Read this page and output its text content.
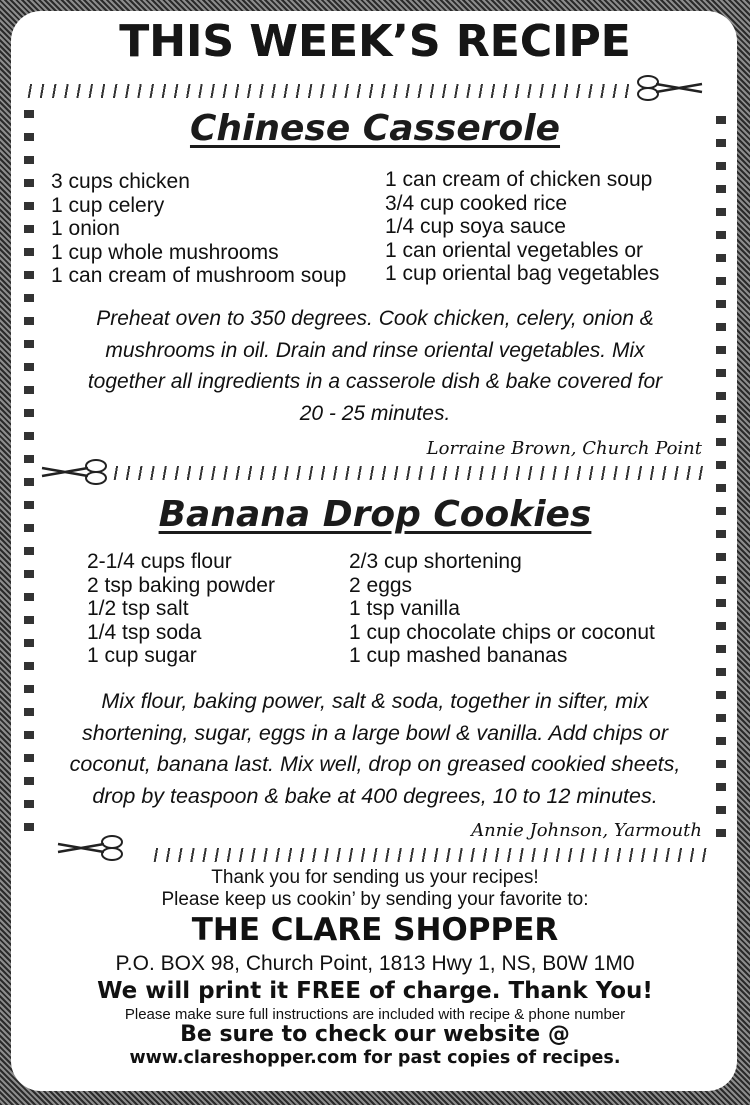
THIS WEEK’S RECIPE
Chinese Casserole
3 cups chicken
1 cup celery
1 onion
1 cup whole mushrooms
1 can cream of mushroom soup
1 can cream of chicken soup
3/4 cup cooked rice
1/4 cup soya sauce
1 can oriental vegetables or
1 cup oriental bag vegetables
Preheat oven to 350 degrees. Cook chicken, celery, onion &
mushrooms in oil. Drain and rinse oriental vegetables. Mix
together all ingredients in a casserole dish & bake covered for
20 - 25 minutes.
Lorraine Brown, Church Point
Banana Drop Cookies
2-1/4 cups flour
2 tsp baking powder
1/2 tsp salt
1/4 tsp soda
1 cup sugar
2/3 cup shortening
2 eggs
1 tsp vanilla
1 cup chocolate chips or coconut
1 cup mashed bananas
Mix flour, baking power, salt & soda, together in sifter, mix
shortening, sugar, eggs in a large bowl & vanilla. Add chips or
coconut, banana last. Mix well, drop on greased cookied sheets,
drop by teaspoon & bake at 400 degrees, 10 to 12 minutes.
Annie Johnson, Yarmouth
Thank you for sending us your recipes!
Please keep us cookin’ by sending your favorite to:
THE CLARE SHOPPER
P.O. BOX 98, Church Point, 1813 Hwy 1, NS, B0W 1M0
We will print it FREE of charge. Thank You!
Please make sure full instructions are included with recipe & phone number
Be sure to check our website @
www.clareshopper.com for past copies of recipes.
